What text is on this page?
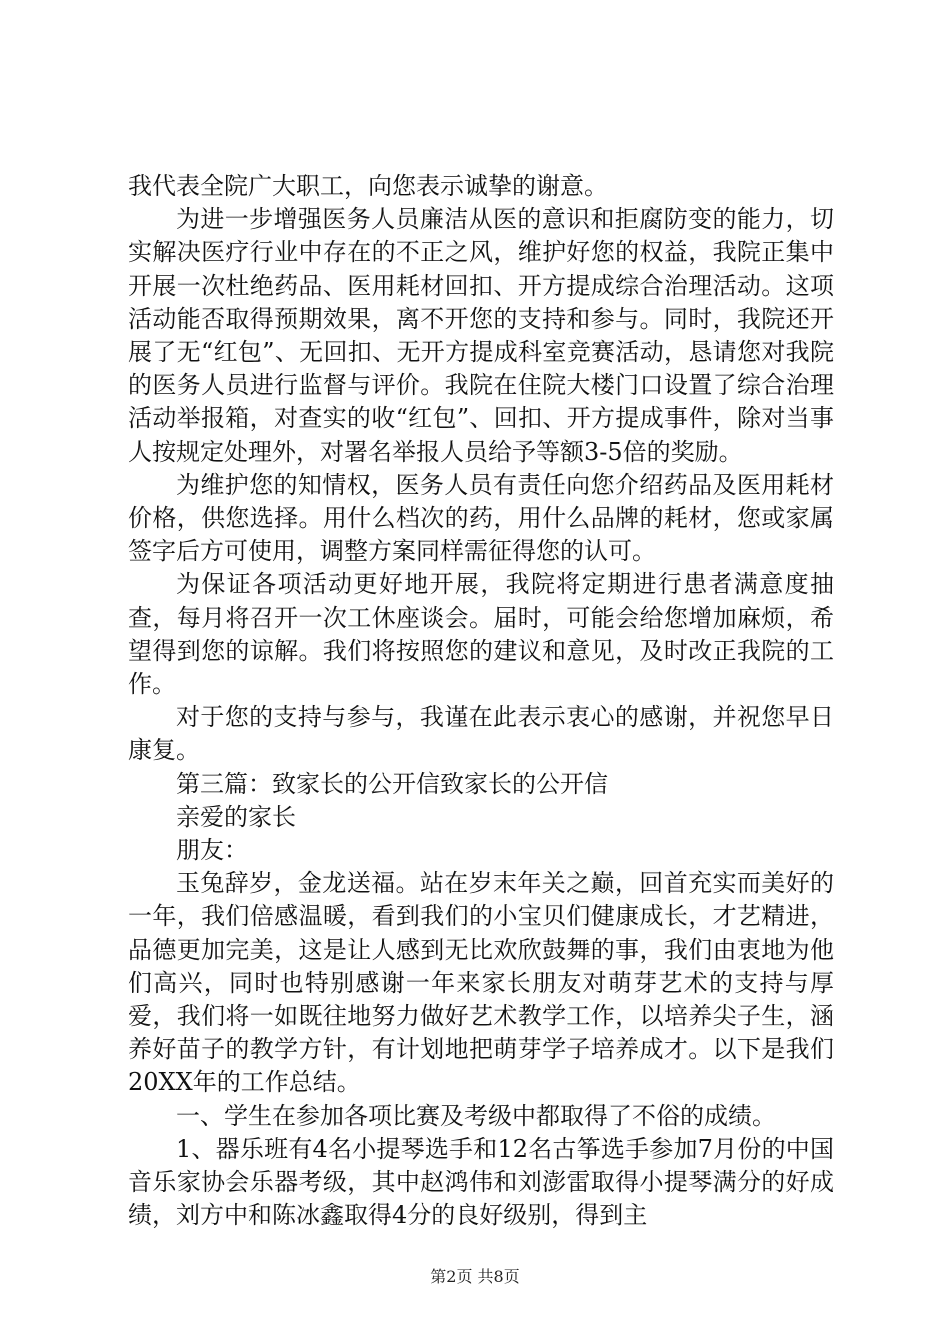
我代表全院广大职工，向您表示诚挚的谢意。

为进一步增强医务人员廉洁从医的意识和拒腐防变的能力，切实解决医疗行业中存在的不正之风，维护好您的权益，我院正集中开展一次杜绝药品、医用耗材回扣、开方提成综合治理活动。这项活动能否取得预期效果，离不开您的支持和参与。同时，我院还开展了无“红包”、无回扣、无开方提成科室竞赛活动，恳请您对我院的医务人员进行监督与评价。我院在住院大楼门口设置了综合治理活动举报箱，对查实的收“红包”、回扣、开方提成事件，除对当事人按规定处理外，对署名举报人员给予等额3-5倍的奖励。

为维护您的知情权，医务人员有责任向您介绍药品及医用耗材价格，供您选择。用什么档次的药，用什么品牌的耗材，您或家属签字后方可使用，调整方案同样需征得您的认可。

为保证各项活动更好地开展，我院将定期进行患者满意度抽查，每月将召开一次工休座谈会。届时，可能会给您增加麻烦，希望得到您的谅解。我们将按照您的建议和意见，及时改正我院的工作。

对于您的支持与参与，我谨在此表示衷心的感谢，并祝您早日康复。

第三篇：致家长的公开信致家长的公开信

亲爱的家长

朋友：

玉兔辞岁，金龙送福。站在岁末年关之巅，回首充实而美好的一年，我们倍感温暖，看到我们的小宝贝们健康成长，才艺精进，品德更加完美，这是让人感到无比欢欣鼓舞的事，我们由衷地为他们高兴，同时也特别感谢一年来家长朋友对萌芽艺术的支持与厚爱，我们将一如既往地努力做好艺术教学工作，以培养尖子生，涵养好苗子的教学方针，有计划地把萌芽学子培养成才。以下是我们20XX年的工作总结。

一、学生在参加各项比赛及考级中都取得了不俗的成绩。

1、器乐班有4名小提琴选手和12名古筝选手参加7月份的中国音乐家协会乐器考级，其中赵鸿伟和刘澎雷取得小提琴满分的好成绩，刘方中和陈冰鑫取得4分的良好级别，得到主

第2页 共8页
